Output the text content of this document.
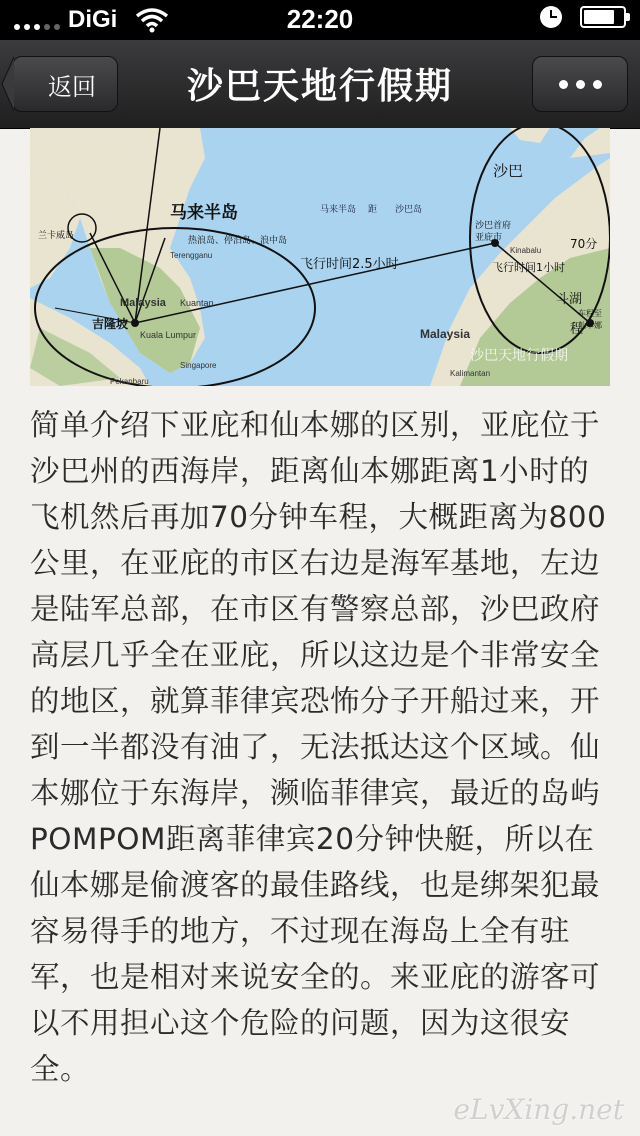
DiGi	22:20
返回	沙巴天地行假期
马来半岛
沙巴
飞行时间2.5小时	飞行时间1小时
70分
斗湖
程
吉隆坡
Malaysia
Malaysia
Kuala Lumpur
Kuantan
亚庇市
沙巴首府
兰卡威岛	热浪岛、停泊岛、浪中岛
Terengganu
Singapore
Kalimantan
Pekanbaru
车程至
仙本娜
Kinabalu
马来半岛	沙巴岛
距
沙巴天地行假期
简单介绍下亚庇和仙本娜的区别，亚庇位于沙巴州的西海岸，距离仙本娜距离1小时的飞机然后再加70分钟车程，大概距离为800公里，在亚庇的市区右边是海军基地，左边是陆军总部，在市区有警察总部，沙巴政府高层几乎全在亚庇，所以这边是个非常安全的地区，就算菲律宾恐怖分子开船过来，开到一半都没有油了，无法抵达这个区域。仙本娜位于东海岸，濒临菲律宾，最近的岛屿POMPOM距离菲律宾20分钟快艇，所以在仙本娜是偷渡客的最佳路线，也是绑架犯最容易得手的地方，不过现在海岛上全有驻军，也是相对来说安全的。来亚庇的游客可以不用担心这个危险的问题，因为这很安全。
eLvXing.net
